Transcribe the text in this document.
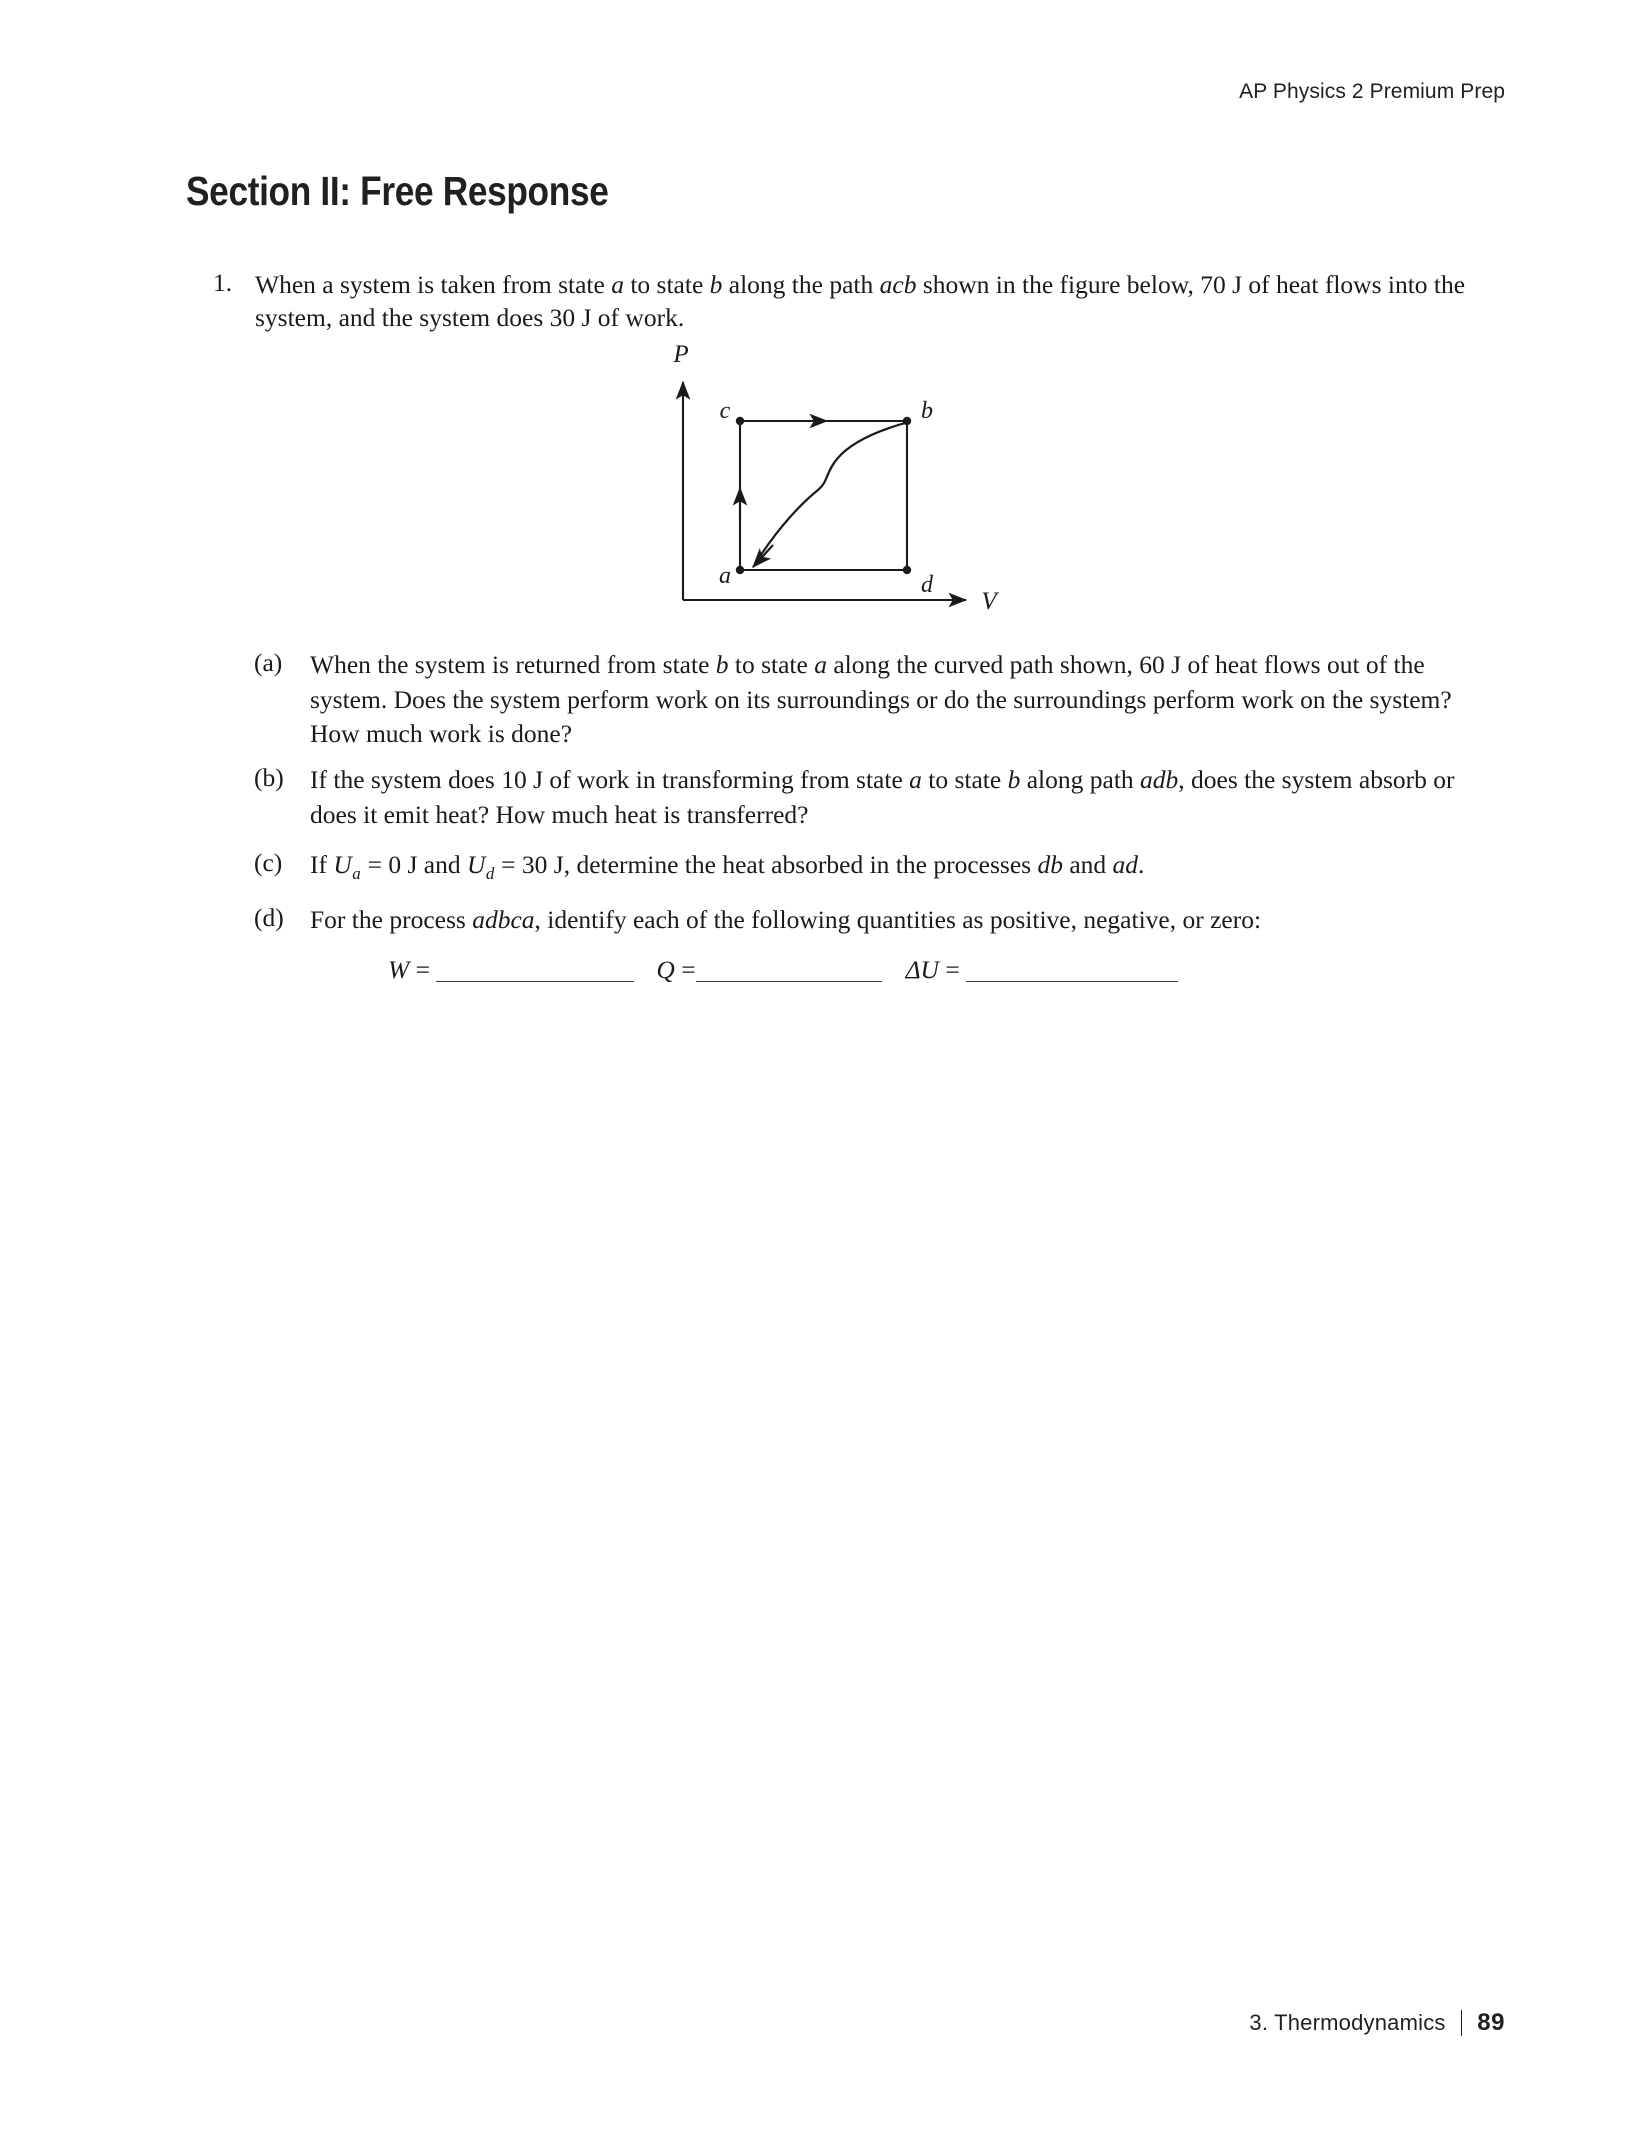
AP Physics 2 Premium Prep
Section II: Free Response
1. When a system is taken from state a to state b along the path acb shown in the figure below, 70 J of heat flows into the system, and the system does 30 J of work.
P
V
c	b
a	d
(a)	When the system is returned from state b to state a along the curved path shown, 60 J of heat flows out of the system. Does the system perform work on its surroundings or do the surroundings perform work on the system? How much work is done?
(b)	If the system does 10 J of work in transforming from state a to state b along path adb, does the system absorb or does it emit heat? How much heat is transferred?
(c)	If $U_a = 0$ J and $U_d = 30$ J, determine the heat absorbed in the processes db and ad.
(d)	For the process adbca, identify each of the following quantities as positive, negative, or zero:
W =	Q =	ΔU =
3. Thermodynamics 89
